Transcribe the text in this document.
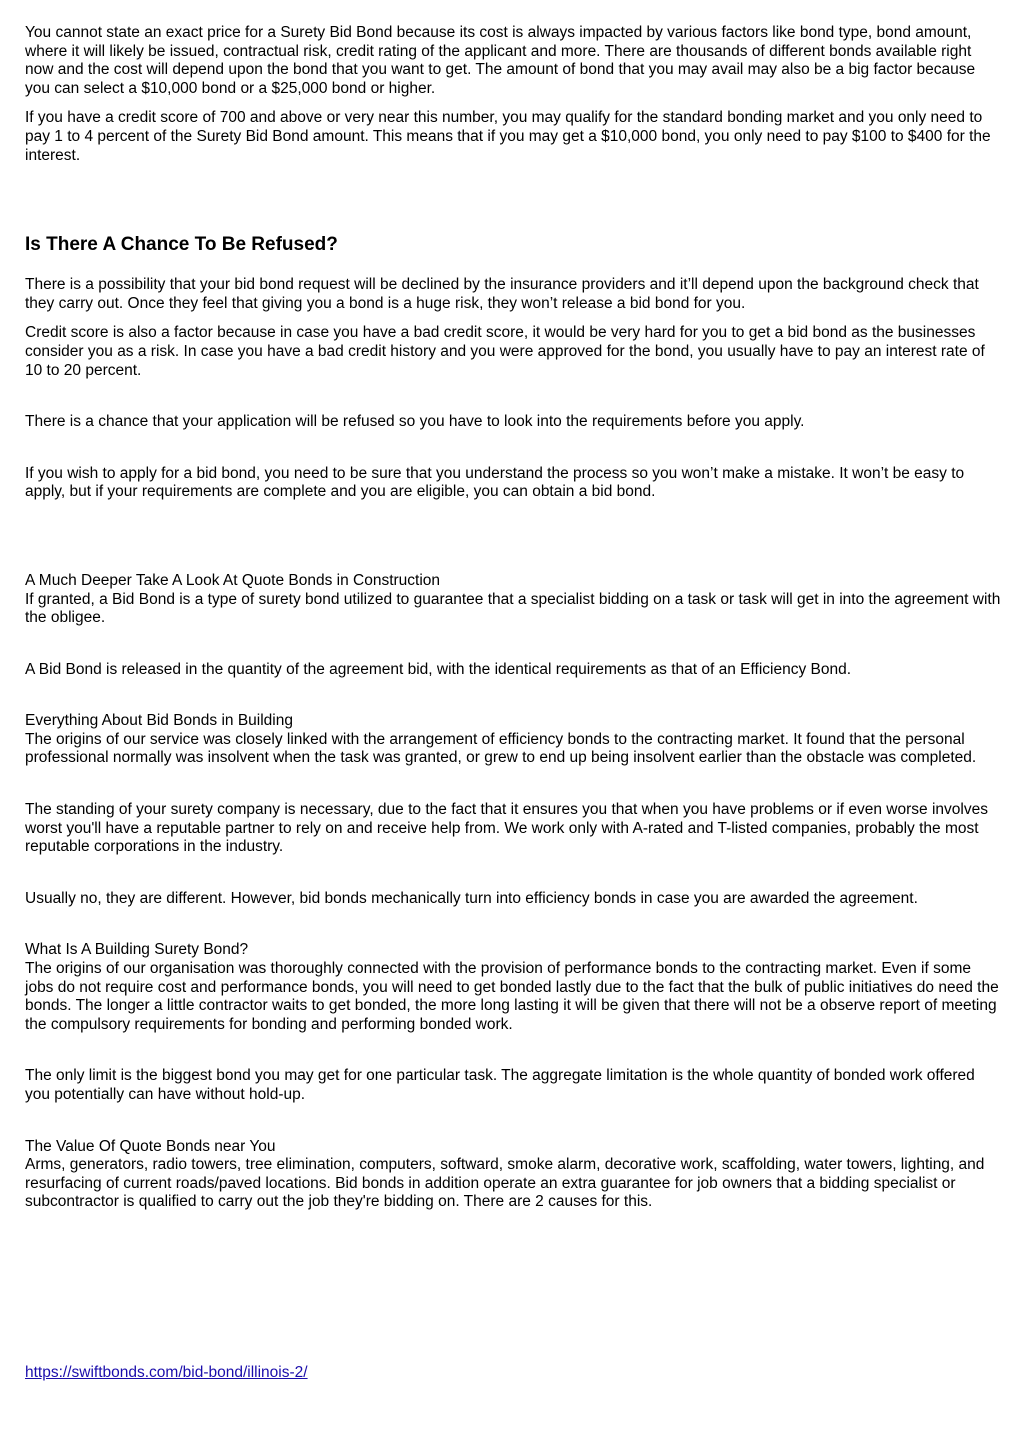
You cannot state an exact price for a Surety Bid Bond because its cost is always impacted by various factors like bond type, bond amount, where it will likely be issued, contractual risk, credit rating of the applicant and more. There are thousands of different bonds available right now and the cost will depend upon the bond that you want to get. The amount of bond that you may avail may also be a big factor because you can select a $10,000 bond or a $25,000 bond or higher.

If you have a credit score of 700 and above or very near this number, you may qualify for the standard bonding market and you only need to pay 1 to 4 percent of the Surety Bid Bond amount. This means that if you may get a $10,000 bond, you only need to pay $100 to $400 for the interest.

Is There A Chance To Be Refused?

There is a possibility that your bid bond request will be declined by the insurance providers and it’ll depend upon the background check that they carry out. Once they feel that giving you a bond is a huge risk, they won’t release a bid bond for you.

Credit score is also a factor because in case you have a bad credit score, it would be very hard for you to get a bid bond as the businesses consider you as a risk. In case you have a bad credit history and you were approved for the bond, you usually have to pay an interest rate of 10 to 20 percent.

There is a chance that your application will be refused so you have to look into the requirements before you apply.

If you wish to apply for a bid bond, you need to be sure that you understand the process so you won’t make a mistake. It won’t be easy to apply, but if your requirements are complete and you are eligible, you can obtain a bid bond.

A Much Deeper Take A Look At Quote Bonds in Construction

If granted, a Bid Bond is a type of surety bond utilized to guarantee that a specialist bidding on a task or task will get in into the agreement with the obligee.

A Bid Bond is released in the quantity of the agreement bid, with the identical requirements as that of an Efficiency Bond.

Everything About Bid Bonds in Building

The origins of our service was closely linked with the arrangement of efficiency bonds to the contracting market. It found that the personal professional normally was insolvent when the task was granted, or grew to end up being insolvent earlier than the obstacle was completed.

The standing of your surety company is necessary, due to the fact that it ensures you that when you have problems or if even worse involves worst you'll have a reputable partner to rely on and receive help from. We work only with A-rated and T-listed companies, probably the most reputable corporations in the industry.

Usually no, they are different. However, bid bonds mechanically turn into efficiency bonds in case you are awarded the agreement.

What Is A Building Surety Bond?

The origins of our organisation was thoroughly connected with the provision of performance bonds to the contracting market. Even if some jobs do not require cost and performance bonds, you will need to get bonded lastly due to the fact that the bulk of public initiatives do need the bonds. The longer a little contractor waits to get bonded, the more long lasting it will be given that there will not be a observe report of meeting the compulsory requirements for bonding and performing bonded work.

The only limit is the biggest bond you may get for one particular task. The aggregate limitation is the whole quantity of bonded work offered you potentially can have without hold-up.

The Value Of Quote Bonds near You

Arms, generators, radio towers, tree elimination, computers, softward, smoke alarm, decorative work, scaffolding, water towers, lighting, and resurfacing of current roads/paved locations. Bid bonds in addition operate an extra guarantee for job owners that a bidding specialist or subcontractor is qualified to carry out the job they're bidding on. There are 2 causes for this.

https://swiftbonds.com/bid-bond/illinois-2/
